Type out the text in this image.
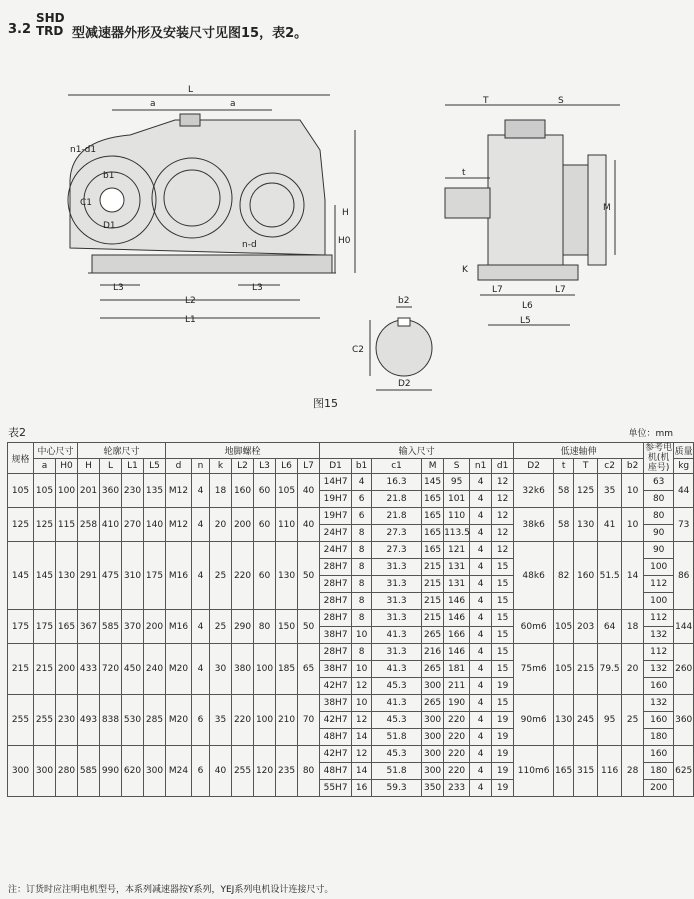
3.2
SHD
TRD 型减速器外形及安装尺寸见图15，表2。
L
a	a
n1-d1
b1
C1
D1
H
H0
n-d
L3	L3
L2
L1
T	S
t
M
K
L7	L7
L6
L5
b2
C2
D2
图15
表2	单位：mm
规格	中心尺寸		轮廓尺寸				地脚螺栓							输入尺寸							低速轴伸					参考电机(机座号)	质量
	a	H0	H	L	L1	L5	d	n	k	L2	L3	L6	L7	D1	b1	c1	M	S	n1	d1	D2	t	T	c2	b2		kg
105	105	100	201	360	230	135	M12	4	18	160	60	105	40	14H7	4	16.3	145	95	4	12	32k6	58	125	35	10	63	44
														19H7	6	21.8	165	101	4	12						80	
125	125	115	258	410	270	140	M12	4	20	200	60	110	40	19H7	6	21.8	165	110	4	12	38k6	58	130	41	10	80	73
														24H7	8	27.3	165	113.5	4	12						90	
145	145	130	291	475	310	175	M16	4	25	220	60	130	50	24H7	8	27.3	165	121	4	12	48k6	82	160	51.5	14	90	86
														28H7	8	31.3	215	131	4	15						100	
														28H7	8	31.3	215	131	4	15						112	
														28H7	8	31.3	215	146	4	15						100	
175	175	165	367	585	370	200	M16	4	25	290	80	150	50	28H7	8	31.3	215	146	4	15	60m6	105	203	64	18	112	144
														38H7	10	41.3	265	166	4	15						132	
215	215	200	433	720	450	240	M20	4	30	380	100	185	65	28H7	8	31.3	216	146	4	15	75m6	105	215	79.5	20	112	260
														38H7	10	41.3	265	181	4	15						132	
														42H7	12	45.3	300	211	4	19						160	
255	255	230	493	838	530	285	M20	6	35	220	100	210	70	38H7	10	41.3	265	190	4	15	90m6	130	245	95	25	132	360
														42H7	12	45.3	300	220	4	19						160	
														48H7	14	51.8	300	220	4	19						180	
300	300	280	585	990	620	300	M24	6	40	255	120	235	80	42H7	12	45.3	300	220	4	19	110m6	165	315	116	28	160	625
														48H7	14	51.8	300	220	4	19						180	
														55H7	16	59.3	350	233	4	19						200	
注：订货时应注明电机型号，本系列减速器按Y系列，YEJ系列电机设计连接尺寸。
